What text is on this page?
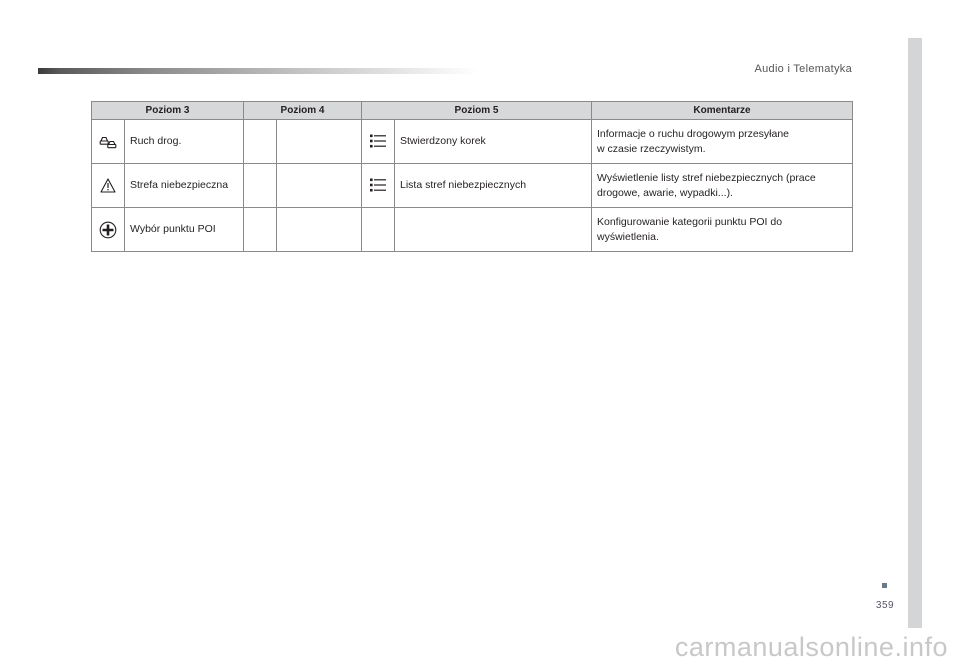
Audio i Telematyka
Poziom 3		Poziom 4		Poziom 5		Komentarze
	Ruch drog.				Stwierdzony korek	Informacje o ruchu drogowym przesyłane
w czasie rzeczywistym.
	Strefa niebezpieczna				Lista stref niebezpiecznych	Wyświetlenie listy stref niebezpiecznych (prace
drogowe, awarie, wypadki...).
	Wybór punktu POI					Konfigurowanie kategorii punktu POI do
wyświetlenia.
359
carmanualsonline.info
